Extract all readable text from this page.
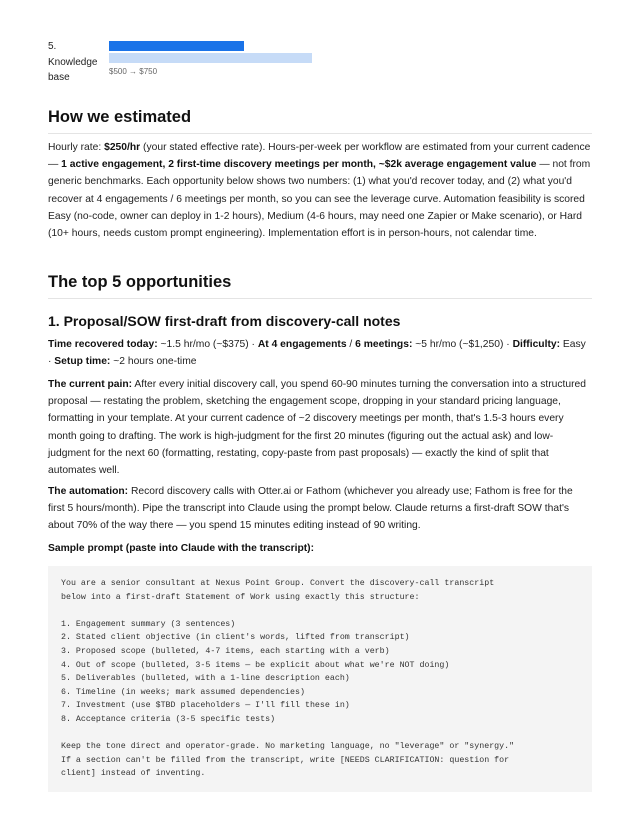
5. Knowledge base
$500 → $750
How we estimated

Hourly rate: $250/hr (your stated effective rate). Hours-per-week per workflow are estimated from your current cadence — 1 active engagement, 2 first-time discovery meetings per month, ~$2k average engagement value — not from generic benchmarks. Each opportunity below shows two numbers: (1) what you'd recover today, and (2) what you'd recover at 4 engagements / 6 meetings per month, so you can see the leverage curve. Automation feasibility is scored Easy (no-code, owner can deploy in 1-2 hours), Medium (4-6 hours, may need one Zapier or Make scenario), or Hard (10+ hours, needs custom prompt engineering). Implementation effort is in person-hours, not calendar time.

The top 5 opportunities
1. Proposal/SOW first-draft from discovery-call notes

Time recovered today: ~1.5 hr/mo (~$375) · At 4 engagements / 6 meetings: ~5 hr/mo (~$1,250) · Difficulty: Easy · Setup time: ~2 hours one-time

The current pain: After every initial discovery call, you spend 60-90 minutes turning the conversation into a structured proposal — restating the problem, sketching the engagement scope, dropping in your standard pricing language, formatting in your template. At your current cadence of ~2 discovery meetings per month, that's 1.5-3 hours every month going to drafting. The work is high-judgment for the first 20 minutes (figuring out the actual ask) and low-judgment for the next 60 (formatting, restating, copy-paste from past proposals) — exactly the kind of split that automates well.

The automation: Record discovery calls with Otter.ai or Fathom (whichever you already use; Fathom is free for the first 5 hours/month). Pipe the transcript into Claude using the prompt below. Claude returns a first-draft SOW that's about 70% of the way there — you spend 15 minutes editing instead of 90 writing.

Sample prompt (paste into Claude with the transcript):

You are a senior consultant at Nexus Point Group. Convert the discovery-call transcript
below into a first-draft Statement of Work using exactly this structure:

1. Engagement summary (3 sentences)
2. Stated client objective (in client's words, lifted from transcript)
3. Proposed scope (bulleted, 4-7 items, each starting with a verb)
4. Out of scope (bulleted, 3-5 items — be explicit about what we're NOT doing)
5. Deliverables (bulleted, with a 1-line description each)
6. Timeline (in weeks; mark assumed dependencies)
7. Investment (use $TBD placeholders — I'll fill these in)
8. Acceptance criteria (3-5 specific tests)

Keep the tone direct and operator-grade. No marketing language, no "leverage" or "synergy."
If a section can't be filled from the transcript, write [NEEDS CLARIFICATION: question for
client] instead of inventing.
